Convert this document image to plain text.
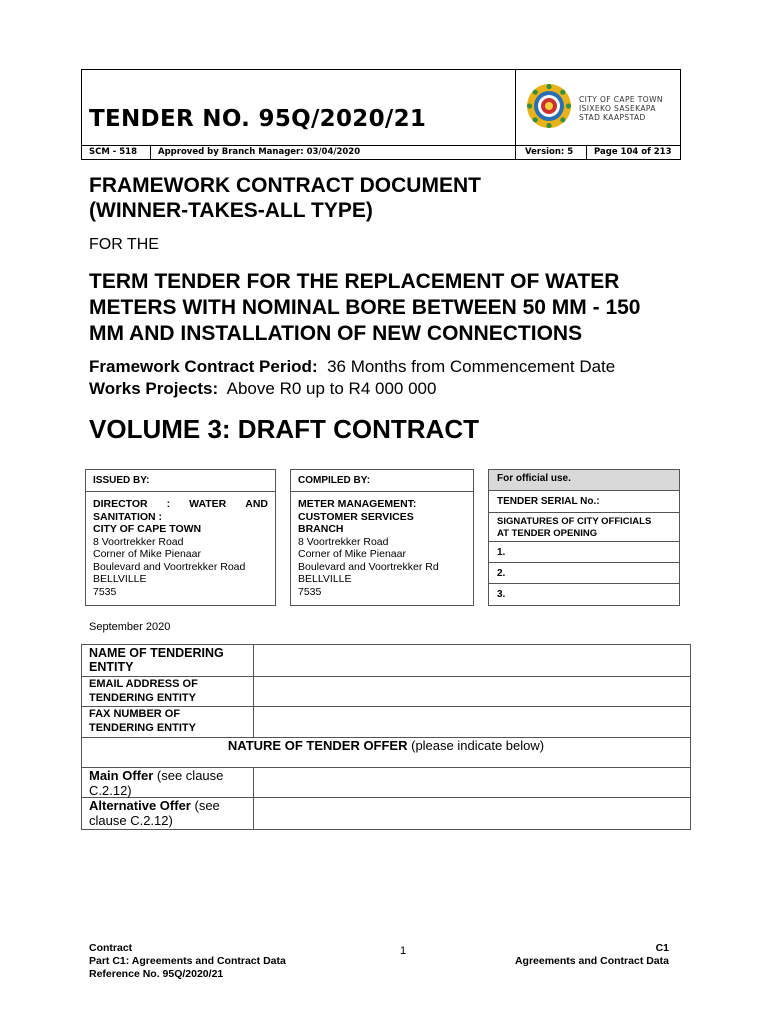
TENDER NO. 95Q/2020/21
SCM - 518 Approved by Branch Manager: 03/04/2020	Version: 5 Page 104 of 213
CITY OF CAPE TOWN
ISIXEKO SASEKAPA
STAD KAAPSTAD
FRAMEWORK CONTRACT DOCUMENT
(WINNER-TAKES-ALL TYPE)
FOR THE
TERM TENDER FOR THE REPLACEMENT OF WATER
METERS WITH NOMINAL BORE BETWEEN 50 MM - 150
MM AND INSTALLATION OF NEW CONNECTIONS
Framework Contract Period: 36 Months from Commencement Date
Works Projects: Above R0 up to R4 000 000
VOLUME 3: DRAFT CONTRACT
ISSUED BY:
DIRECTOR : WATER AND
SANITATION :
CITY OF CAPE TOWN
8 Voortrekker Road
Corner of Mike Pienaar
Boulevard and Voortrekker Road
BELLVILLE
7535
COMPILED BY:
METER MANAGEMENT:
CUSTOMER SERVICES
BRANCH
8 Voortrekker Road
Corner of Mike Pienaar
Boulevard and Voortrekker Rd
BELLVILLE
7535
For official use.
TENDER SERIAL No.:
SIGNATURES OF CITY OFFICIALS
AT TENDER OPENING
1.
2.
3.
September 2020
NAME OF TENDERING
ENTITY
EMAIL ADDRESS OF
TENDERING ENTITY
FAX NUMBER OF
TENDERING ENTITY
NATURE OF TENDER OFFER (please indicate below)
Main Offer (see clause
C.2.12)
Alternative Offer (see
clause C.2.12)
Contract
Part C1: Agreements and Contract Data
Reference No. 95Q/2020/21
1	C1
Agreements and Contract Data
